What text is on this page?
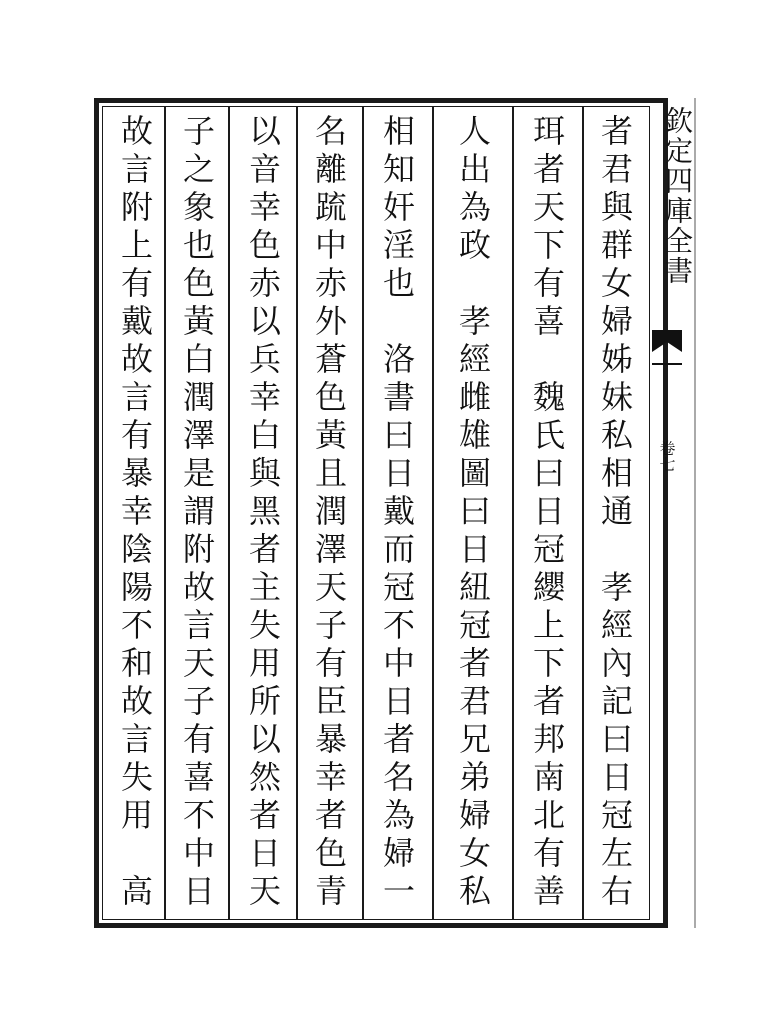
欽定四庫全書
卷七
者君與群女婦姊妹私相通　孝經內記曰日冠左右
珥者天下有喜　魏氏曰日冠纓上下者邦南北有善
人出為政　孝經雌雄圖曰日紐冠者君兄弟婦女私
相知奸淫也　洛書曰日戴而冠不中日者名為婦一
名離䟽中赤外蒼色黃且潤澤天子有臣暴幸者色青
以音幸色赤以兵幸白與黑者主失用所以然者日天
子之象也色黃白潤澤是謂附故言天子有喜不中日
故言附上有戴故言有暴幸陰陽不和故言失用　高
